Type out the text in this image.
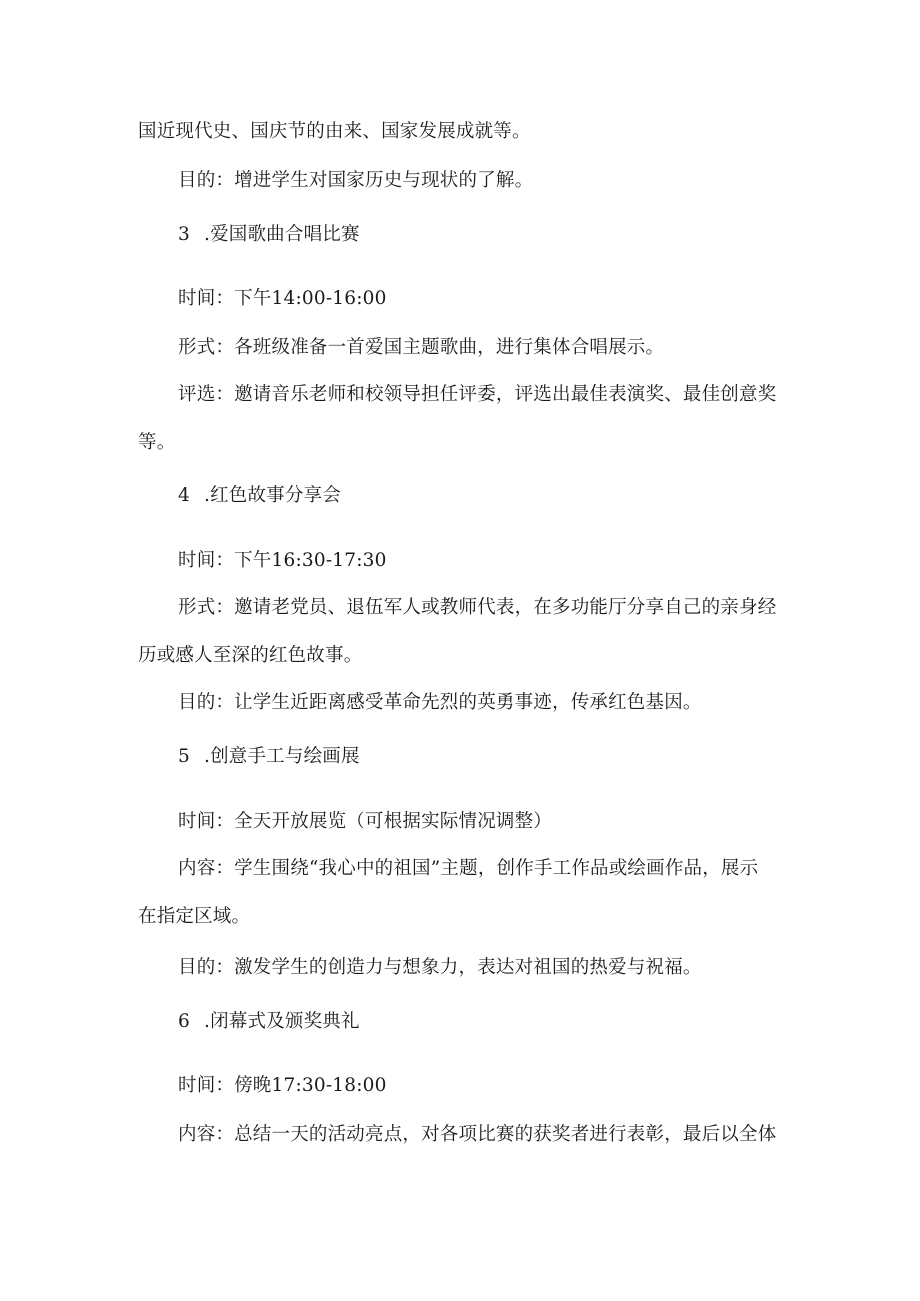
国近现代史、国庆节的由来、国家发展成就等。
目的：增进学生对国家历史与现状的了解。
3 .爱国歌曲合唱比赛
时间：下午14:00-16:00
形式：各班级准备一首爱国主题歌曲，进行集体合唱展示。
评选：邀请音乐老师和校领导担任评委，评选出最佳表演奖、最佳创意奖
等。
4 .红色故事分享会
时间：下午16:30-17:30
形式：邀请老党员、退伍军人或教师代表，在多功能厅分享自己的亲身经
历或感人至深的红色故事。
目的：让学生近距离感受革命先烈的英勇事迹，传承红色基因。
5 .创意手工与绘画展
时间：全天开放展览（可根据实际情况调整）
内容：学生围绕“我心中的祖国”主题，创作手工作品或绘画作品，展示
在指定区域。
目的：激发学生的创造力与想象力，表达对祖国的热爱与祝福。
6 .闭幕式及颁奖典礼
时间：傍晚17:30-18:00
内容：总结一天的活动亮点，对各项比赛的获奖者进行表彰，最后以全体
